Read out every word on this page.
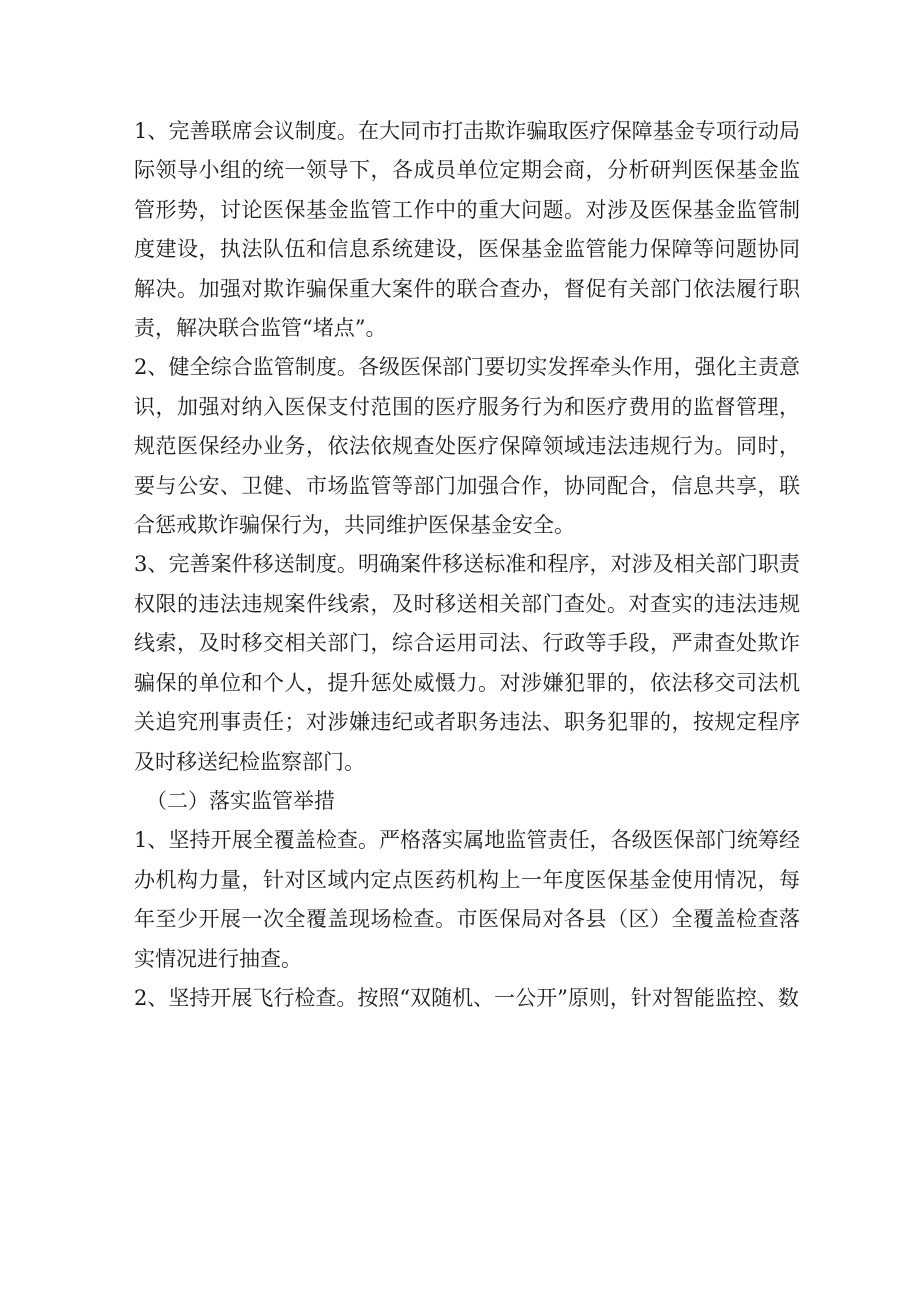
1、完善联席会议制度。在大同市打击欺诈骗取医疗保障基金专项行动局际领导小组的统一领导下，各成员单位定期会商，分析研判医保基金监管形势，讨论医保基金监管工作中的重大问题。对涉及医保基金监管制度建设，执法队伍和信息系统建设，医保基金监管能力保障等问题协同解决。加强对欺诈骗保重大案件的联合查办，督促有关部门依法履行职责，解决联合监管“堵点”。

2、健全综合监管制度。各级医保部门要切实发挥牵头作用，强化主责意识，加强对纳入医保支付范围的医疗服务行为和医疗费用的监督管理，规范医保经办业务，依法依规查处医疗保障领域违法违规行为。同时，要与公安、卫健、市场监管等部门加强合作，协同配合，信息共享，联合惩戒欺诈骗保行为，共同维护医保基金安全。

3、完善案件移送制度。明确案件移送标准和程序，对涉及相关部门职责权限的违法违规案件线索，及时移送相关部门查处。对查实的违法违规线索，及时移交相关部门，综合运用司法、行政等手段，严肃查处欺诈骗保的单位和个人，提升惩处威慑力。对涉嫌犯罪的，依法移交司法机关追究刑事责任；对涉嫌违纪或者职务违法、职务犯罪的，按规定程序及时移送纪检监察部门。

（二）落实监管举措

1、坚持开展全覆盖检查。严格落实属地监管责任，各级医保部门统筹经办机构力量，针对区域内定点医药机构上一年度医保基金使用情况，每年至少开展一次全覆盖现场检查。市医保局对各县（区）全覆盖检查落实情况进行抽查。

2、坚持开展飞行检查。按照“双随机、一公开”原则，针对智能监控、数
